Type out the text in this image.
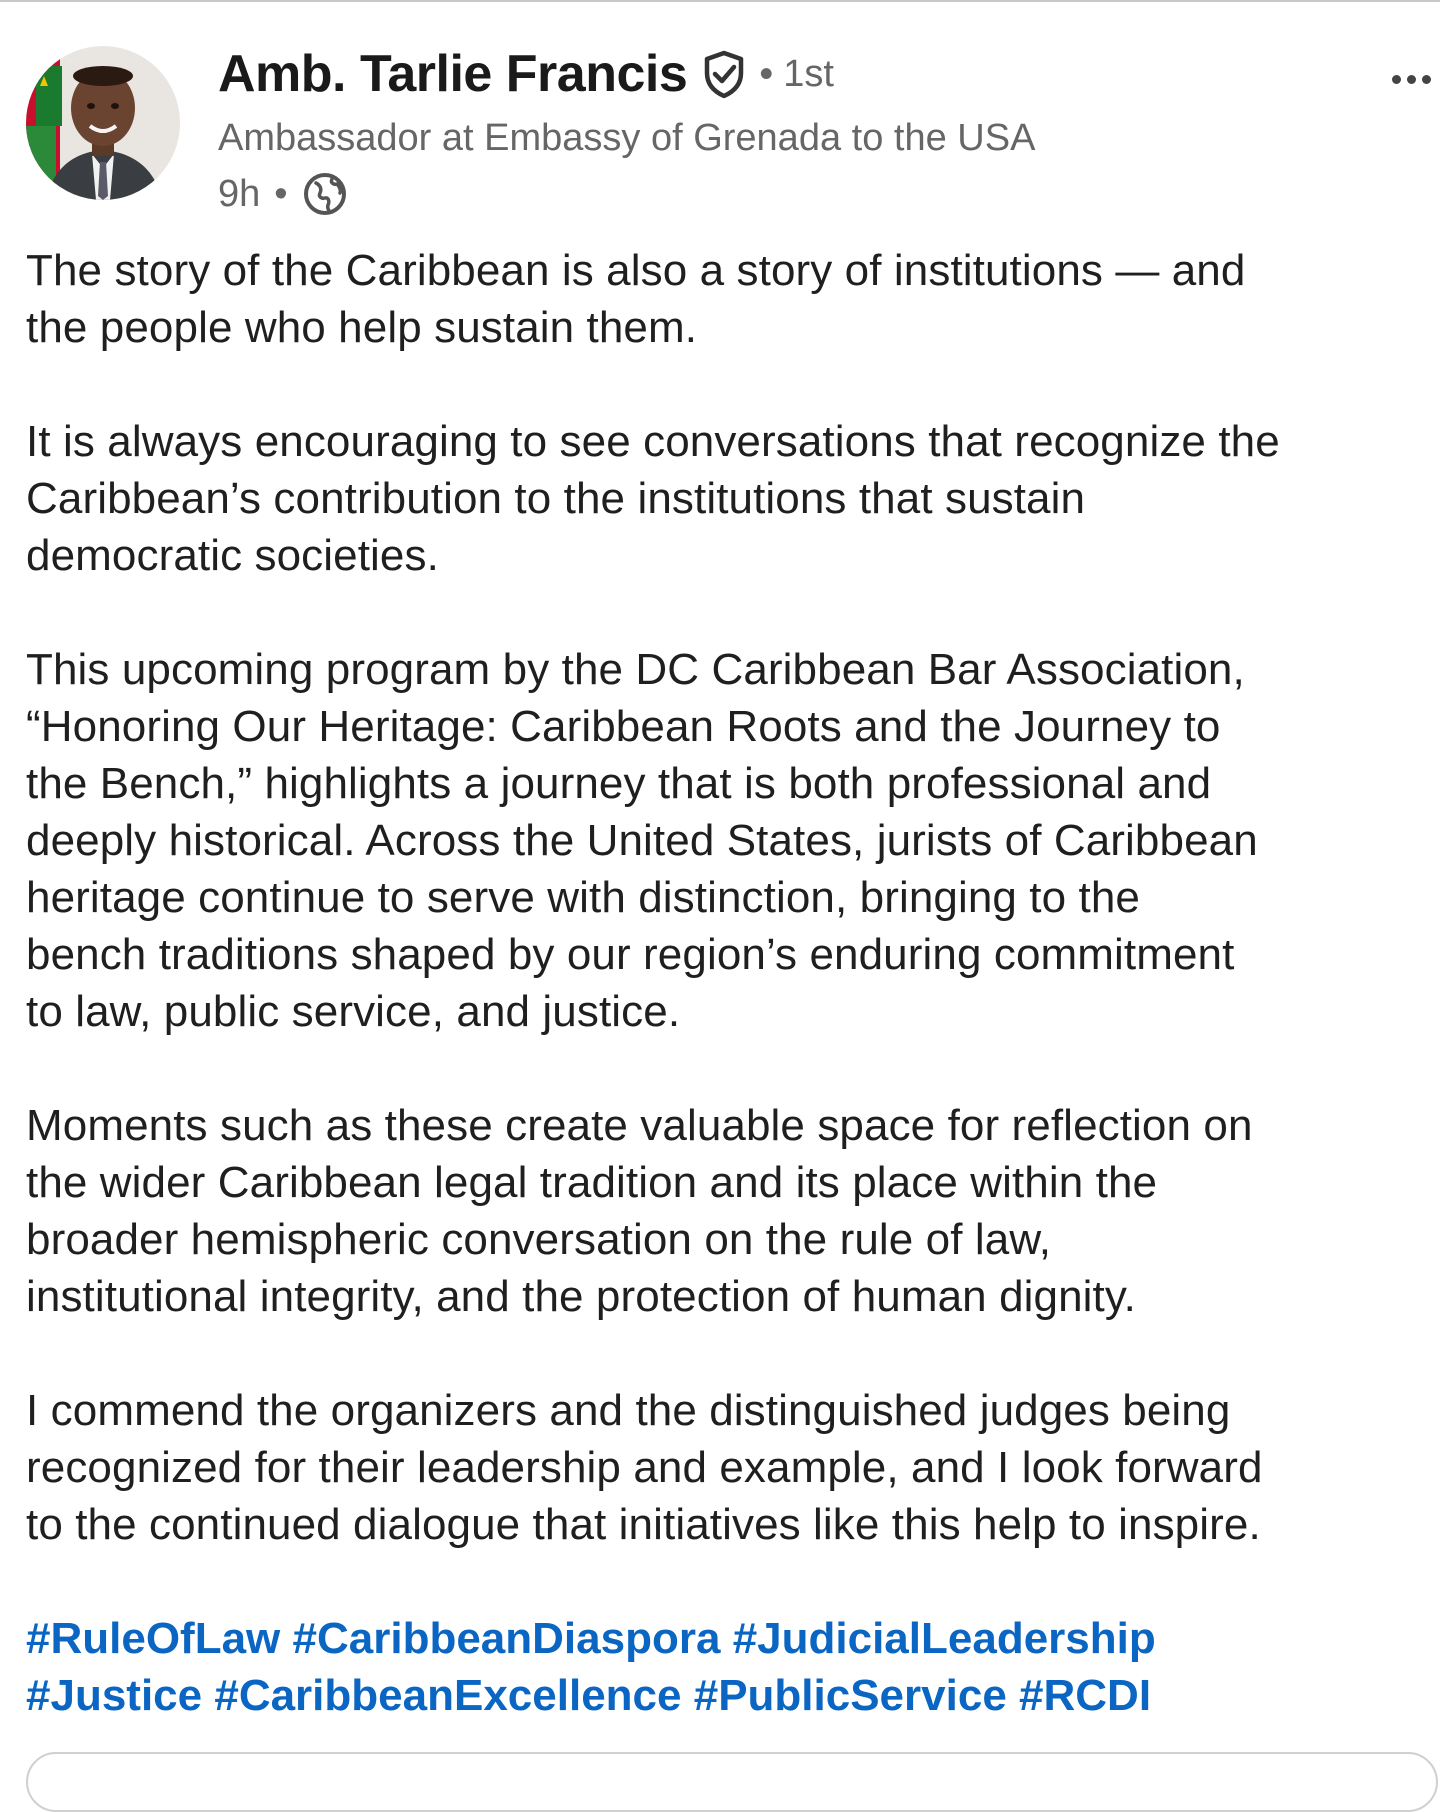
Amb. Tarlie Francis • 1st
Ambassador at Embassy of Grenada to the USA
9h •

The story of the Caribbean is also a story of institutions — and
the people who help sustain them.

It is always encouraging to see conversations that recognize the
Caribbean’s contribution to the institutions that sustain
democratic societies.

This upcoming program by the DC Caribbean Bar Association,
“Honoring Our Heritage: Caribbean Roots and the Journey to
the Bench,” highlights a journey that is both professional and
deeply historical. Across the United States, jurists of Caribbean
heritage continue to serve with distinction, bringing to the
bench traditions shaped by our region’s enduring commitment
to law, public service, and justice.

Moments such as these create valuable space for reflection on
the wider Caribbean legal tradition and its place within the
broader hemispheric conversation on the rule of law,
institutional integrity, and the protection of human dignity.

I commend the organizers and the distinguished judges being
recognized for their leadership and example, and I look forward
to the continued dialogue that initiatives like this help to inspire.

#RuleOfLaw #CaribbeanDiaspora #JudicialLeadership
#Justice #CaribbeanExcellence #PublicService #RCDI
